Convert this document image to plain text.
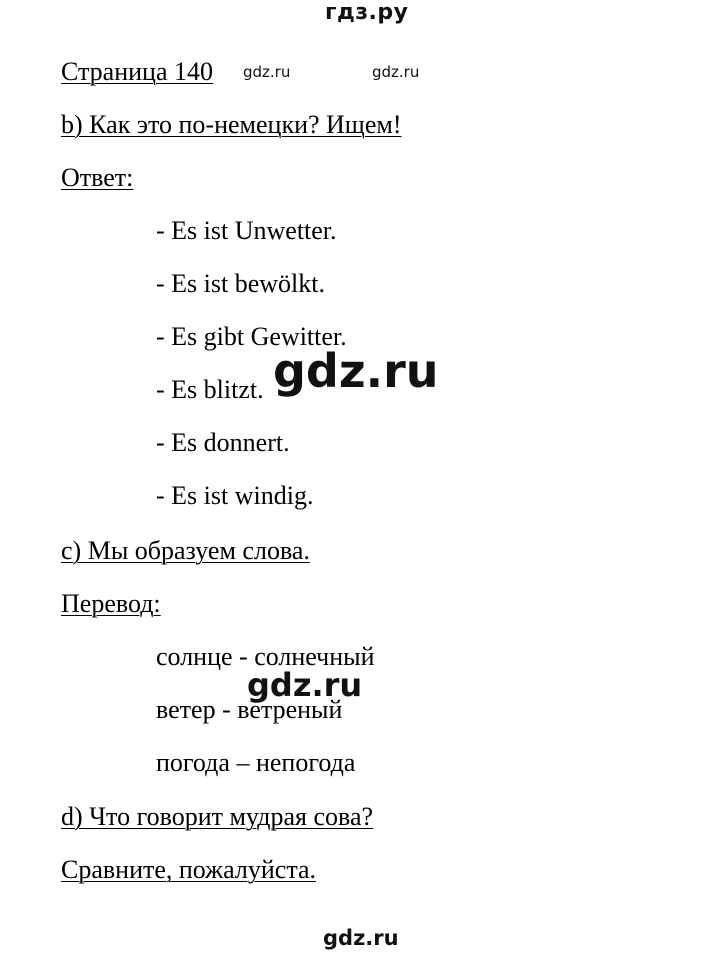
гдз.ру
Страница 140 gdz.ru	gdz.ru
b) Как это по-немецки? Ищем!
Ответ:
- Es ist Unwetter.
- Es ist bewölkt.
- Es gibt Gewitter.
- Es blitzt.
- Es donnert.
- Es ist windig.
gdz.ru
c) Мы образуем слова.
Перевод:
солнце - солнечный
ветер - ветреный
погода – непогода
gdz.ru
d) Что говорит мудрая сова?
Сравните, пожалуйста.
gdz.ru
